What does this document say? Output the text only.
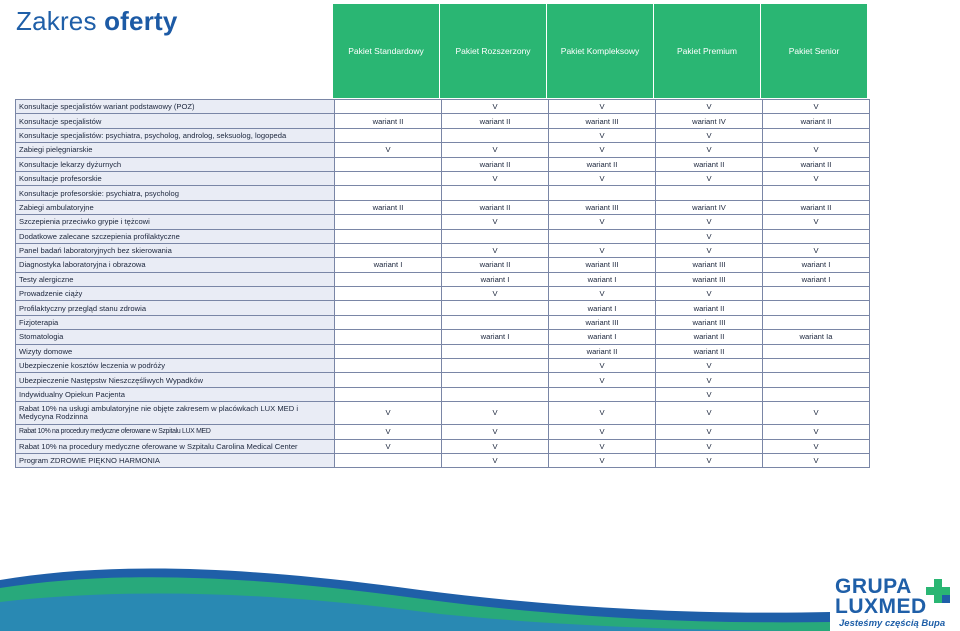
Zakres oferty
Pakiet Standardowy	Pakiet Rozszerzony	Pakiet Kompleksowy	Pakiet Premium	Pakiet Senior
Konsultacje specjalistów wariant podstawowy (POZ)		V	V	V	V
Konsultacje specjalistów	wariant II	wariant II	wariant III	wariant IV	wariant II
Konsultacje specjalistów: psychiatra, psycholog, androlog, seksuolog, logopeda			V	V	
Zabiegi pielęgniarskie	V	V	V	V	V
Konsultacje lekarzy dyżurnych		wariant II	wariant II	wariant II	wariant II
Konsultacje profesorskie		V	V	V	V
Konsultacje profesorskie: psychiatra, psycholog					
Zabiegi ambulatoryjne	wariant II	wariant II	wariant III	wariant IV	wariant II
Szczepienia przeciwko grypie i tężcowi		V	V	V	V
Dodatkowe zalecane szczepienia profilaktyczne				V	
Panel badań laboratoryjnych bez skierowania		V	V	V	V
Diagnostyka laboratoryjna i obrazowa	wariant I	wariant II	wariant III	wariant III	wariant I
Testy alergiczne		wariant I	wariant I	wariant III	wariant I
Prowadzenie ciąży		V	V	V	
Profilaktyczny przegląd stanu zdrowia			wariant I	wariant II	
Fizjoterapia			wariant III	wariant III	
Stomatologia		wariant I	wariant I	wariant II	wariant Ia
Wizyty domowe			wariant II	wariant II	
Ubezpieczenie kosztów leczenia w podróży			V	V	
Ubezpieczenie Następstw Nieszczęśliwych Wypadków			V	V	
Indywidualny Opiekun Pacjenta				V	
Rabat 10% na usługi ambulatoryjne nie objęte zakresem w placówkach LUX MED i Medycyna Rodzinna	V	V	V	V	V
Rabat 10% na procedury medyczne oferowane w Szpitalu LUX MED	V	V	V	V	V
Rabat 10% na procedury medyczne oferowane w Szpitalu Carolina Medical Center	V	V	V	V	V
Program ZDROWIE PIĘKNO HARMONIA		V	V	V	V
GRUPA
LUXMED
Jesteśmy częścią Bupa
